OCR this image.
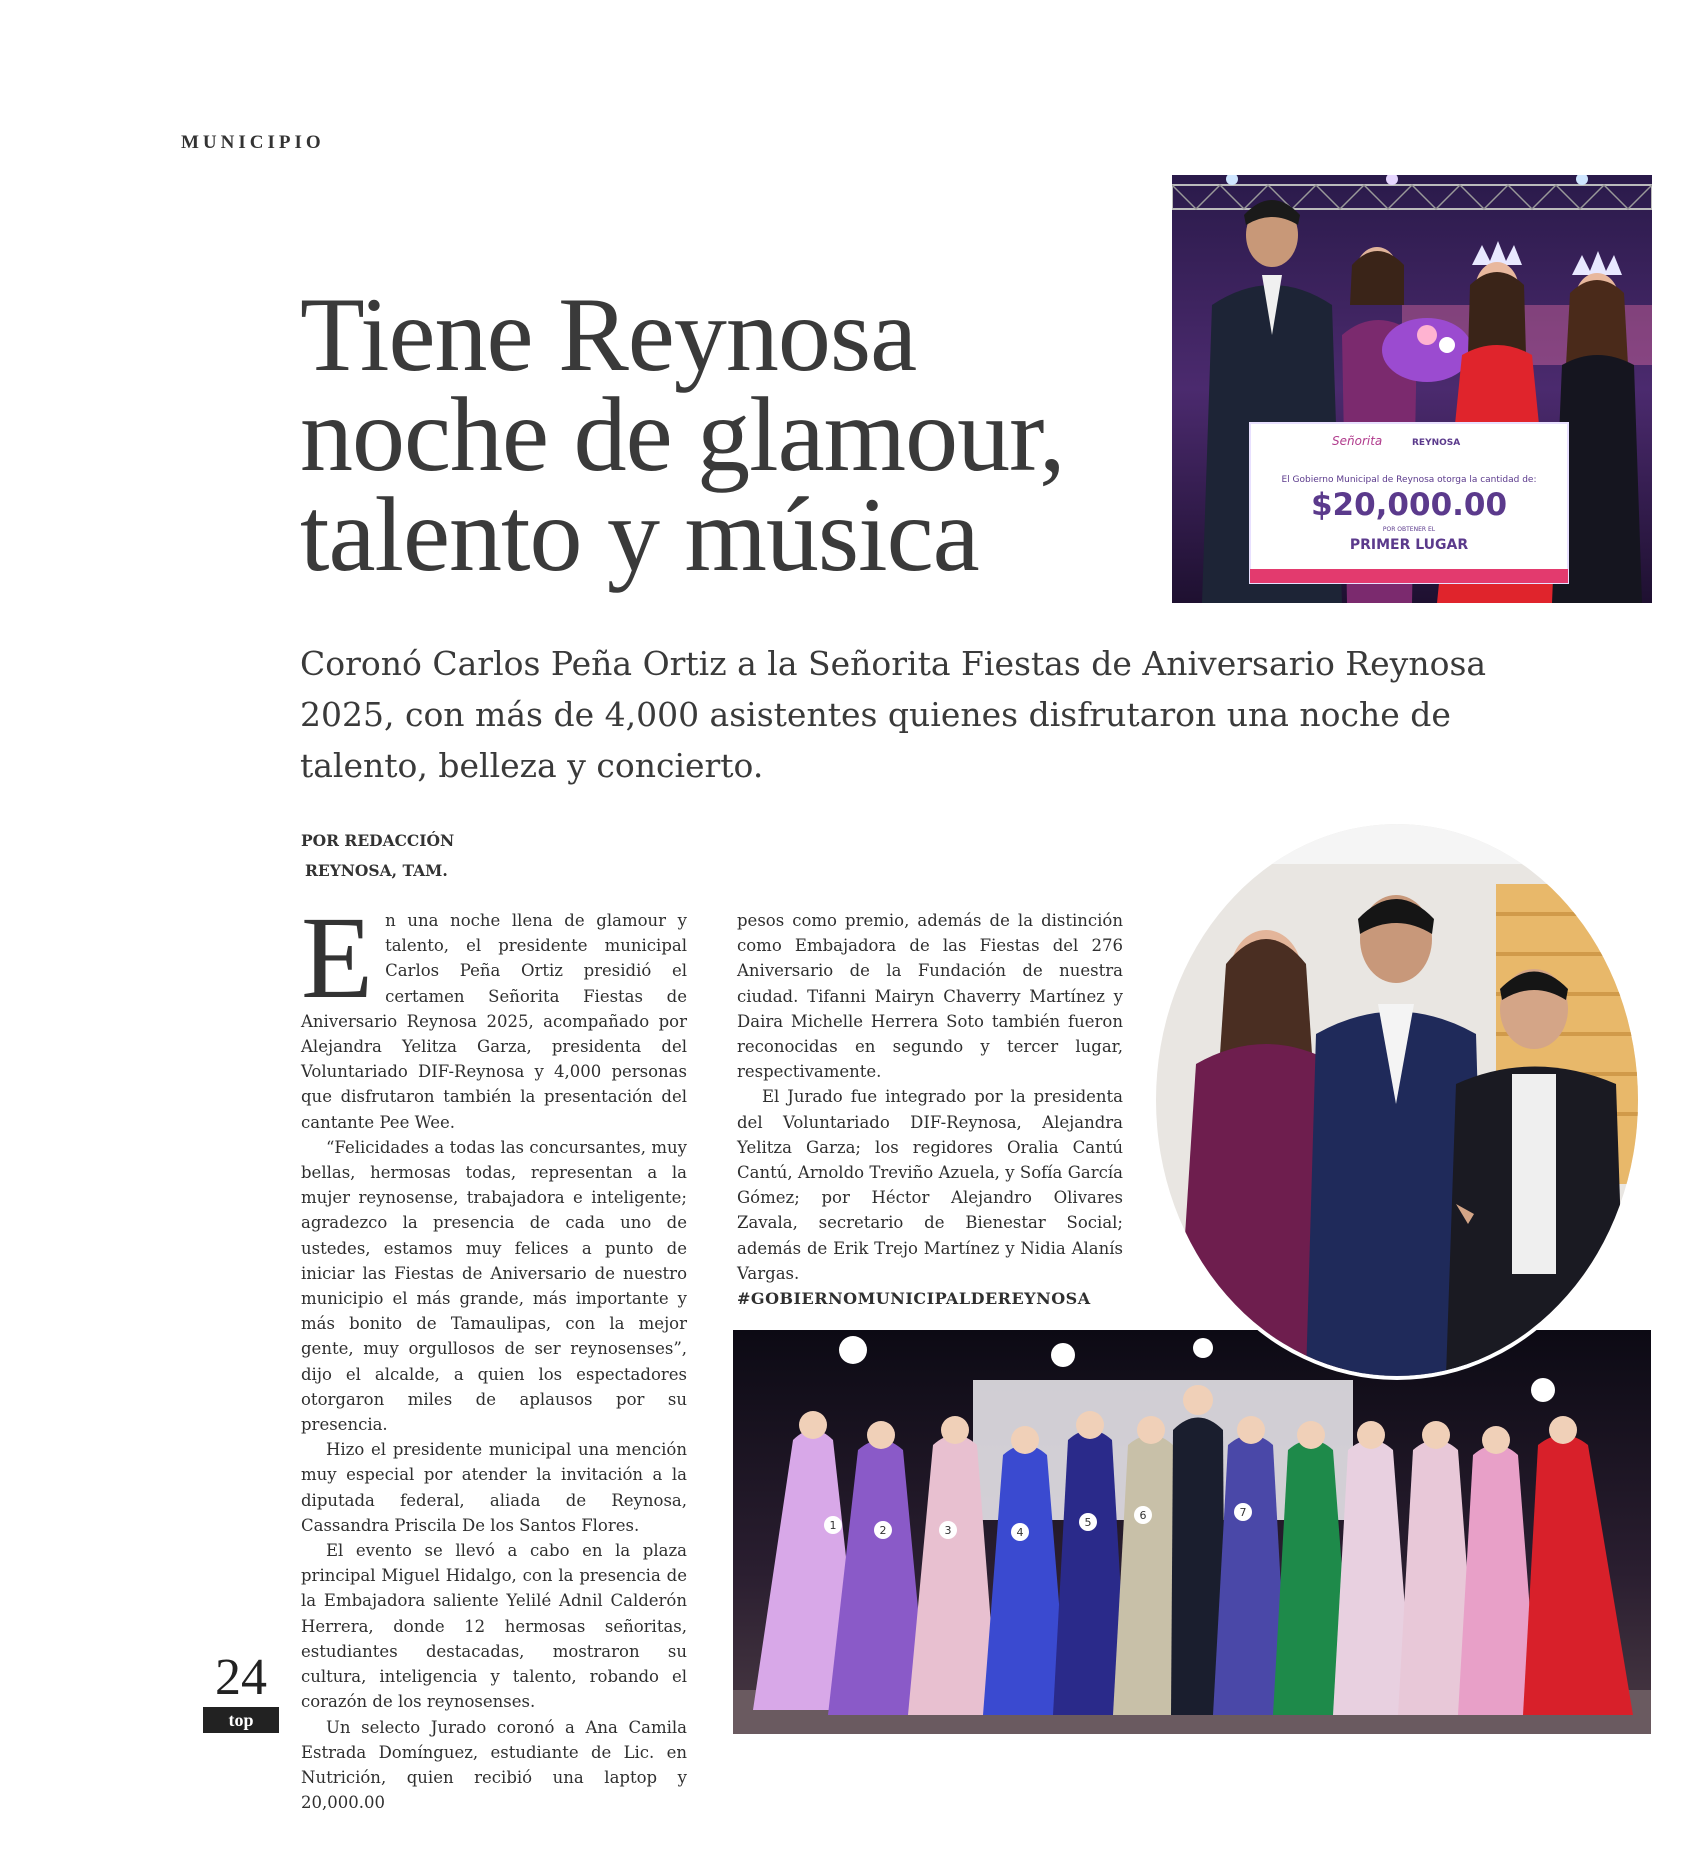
MUNICIPIO
Tiene Reynosa
noche de glamour,
talento y música
Señorita	REYNOSA
El Gobierno Municipal de Reynosa otorga la cantidad de:
$20,000.00
POR OBTENER EL
PRIMER LUGAR

Coronó Carlos Peña Ortiz a la Señorita Fiestas de Aniversario Reynosa 2025, con más de 4,000 asistentes quienes disfrutaron una noche de talento, belleza y concierto.

POR REDACCIÓN
REYNOSA, TAM.

En una noche llena de glamour y talento, el presidente municipal Carlos Peña Ortiz presidió el certamen Señorita Fiestas de Aniversario Reynosa 2025, acompañado por Alejandra Yelitza Garza, presidenta del Voluntariado DIF-Reynosa y 4,000 personas que disfrutaron también la presentación del cantante Pee Wee.

“Felicidades a todas las concursantes, muy bellas, hermosas todas, representan a la mujer reynosense, trabajadora e inteligente; agradezco la presencia de cada uno de ustedes, estamos muy felices a punto de iniciar las Fiestas de Aniversario de nuestro municipio el más grande, más importante y más bonito de Tamaulipas, con la mejor gente, muy orgullosos de ser reynosenses”, dijo el alcalde, a quien los espectadores otorgaron miles de aplausos por su presencia.

Hizo el presidente municipal una mención muy especial por atender la invitación a la diputada federal, aliada de Reynosa, Cassandra Priscila De los Santos Flores.

El evento se llevó a cabo en la plaza principal Miguel Hidalgo, con la presencia de la Embajadora saliente Yelilé Adnil Calderón Herrera, donde 12 hermosas señoritas, estudiantes destacadas, mostraron su cultura, inteligencia y talento, robando el corazón de los reynosenses.

Un selecto Jurado coronó a Ana Camila Estrada Domínguez, estudiante de Lic. en Nutrición, quien recibió una laptop y 20,000.00

pesos como premio, además de la distinción como Embajadora de las Fiestas del 276 Aniversario de la Fundación de nuestra ciudad. Tifanni Mairyn Chaverry Martínez y Daira Michelle Herrera Soto también fueron reconocidas en segundo y tercer lugar, respectivamente.

El Jurado fue integrado por la presidenta del Voluntariado DIF-Reynosa, Alejandra Yelitza Garza; los regidores Oralia Cantú Cantú, Arnoldo Treviño Azuela, y Sofía García Gómez; por Héctor Alejandro Olivares Zavala, secretario de Bienestar Social; además de Erik Trejo Martínez y Nidia Alanís Vargas.

#GOBIERNOMUNICIPALDEREYNOSA

1	2	3	4
5
6	7
24
top
